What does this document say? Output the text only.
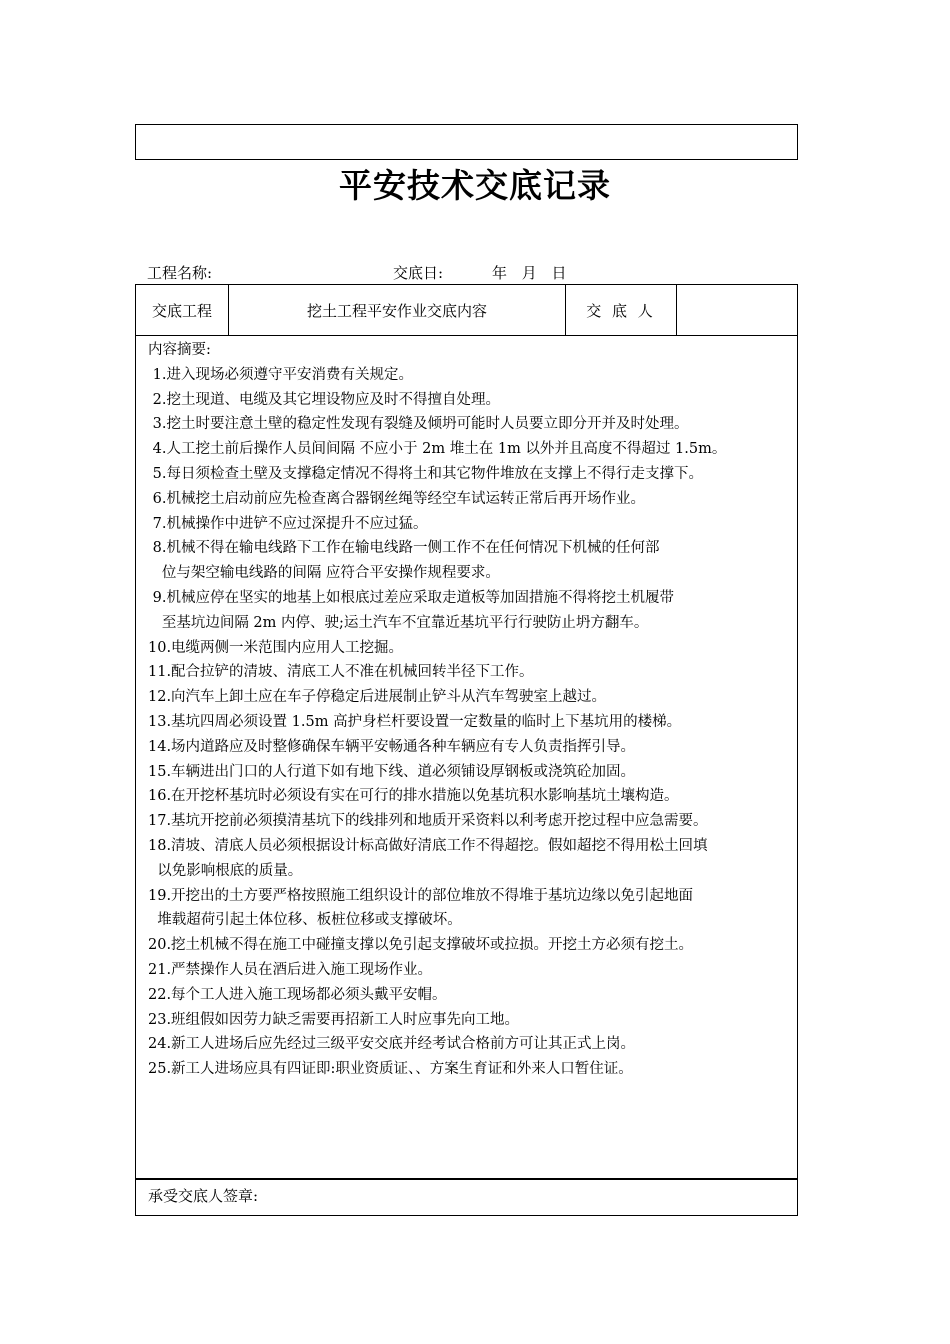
平安技术交底记录
工程名称:	交底日:	年 月 日
交底工程	挖土工程平安作业交底内容	交 底 人
内容摘要:
1.进入现场必须遵守平安消费有关规定。
2.挖土现道、电缆及其它埋设物应及时不得擅自处理。
3.挖土时要注意土壁的稳定性发现有裂缝及倾坍可能时人员要立即分开并及时处理。
4.人工挖土前后操作人员间间隔 不应小于 2m 堆土在 1m 以外并且高度不得超过 1.5m。
5.每日须检查土壁及支撑稳定情况不得将土和其它物件堆放在支撑上不得行走支撑下。
6.机械挖土启动前应先检查离合器钢丝绳等经空车试运转正常后再开场作业。
7.机械操作中进铲不应过深提升不应过猛。
8.机械不得在输电线路下工作在输电线路一侧工作不在任何情况下机械的任何部
位与架空输电线路的间隔 应符合平安操作规程要求。
9.机械应停在坚实的地基上如根底过差应采取走道板等加固措施不得将挖土机履带
至基坑边间隔 2m 内停、驶;运土汽车不宜靠近基坑平行行驶防止坍方翻车。
10.电缆两侧一米范围内应用人工挖掘。
11.配合拉铲的清坡、清底工人不准在机械回转半径下工作。
12.向汽车上卸土应在车子停稳定后进展制止铲斗从汽车驾驶室上越过。
13.基坑四周必须设置 1.5m 高护身栏杆要设置一定数量的临时上下基坑用的楼梯。
14.场内道路应及时整修确保车辆平安畅通各种车辆应有专人负责指挥引导。
15.车辆进出门口的人行道下如有地下线、道必须铺设厚钢板或浇筑砼加固。
16.在开挖杯基坑时必须设有实在可行的排水措施以免基坑积水影响基坑土壤构造。
17.基坑开挖前必须摸清基坑下的线排列和地质开采资料以利考虑开挖过程中应急需要。
18.清坡、清底人员必须根据设计标高做好清底工作不得超挖。假如超挖不得用松土回填
以免影响根底的质量。
19.开挖出的土方要严格按照施工组织设计的部位堆放不得堆于基坑边缘以免引起地面
堆载超荷引起土体位移、板桩位移或支撑破坏。
20.挖土机械不得在施工中碰撞支撑以免引起支撑破坏或拉损。开挖土方必须有挖土。
21.严禁操作人员在酒后进入施工现场作业。
22.每个工人进入施工现场都必须头戴平安帽。
23.班组假如因劳力缺乏需要再招新工人时应事先向工地。
24.新工人进场后应先经过三级平安交底并经考试合格前方可让其正式上岗。
25.新工人进场应具有四证即:职业资质证、、方案生育证和外来人口暂住证。
承受交底人签章:
